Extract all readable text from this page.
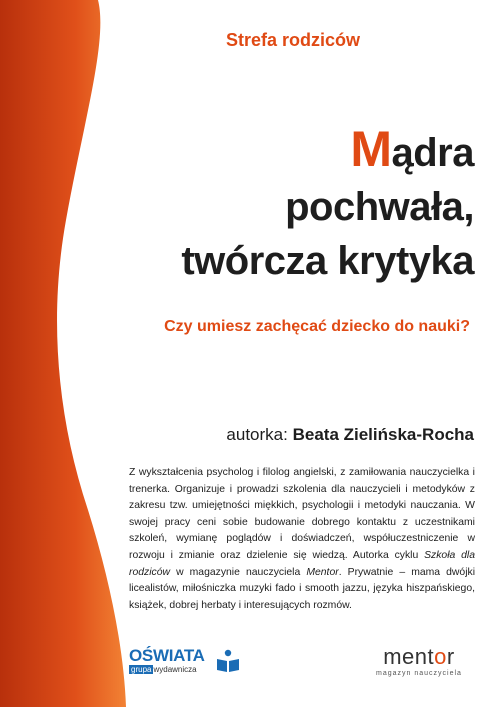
Strefa rodziców
Mądra
pochwała,
twórcza krytyka
Czy umiesz zachęcać dziecko do nauki?
autorka: Beata Zielińska-Rocha

Z wykształcenia psycholog i filolog angielski, z zamiłowania nauczycielka i trenerka. Organizuje i prowadzi szkolenia dla nauczycieli i metodyków z zakresu tzw. umiejętności miękkich, psychologii i metodyki nauczania. W swojej pracy ceni sobie budowanie dobrego kontaktu z uczestnikami szkoleń, wymianę poglądów i doświadczeń, współuczestniczenie w rozwoju i zmianie oraz dzielenie się wiedzą. Autorka cyklu Szkoła dla rodziców w magazynie nauczyciela Mentor. Prywatnie – mama dwójki licealistów, miłośniczka muzyki fado i smooth jazzu, języka hiszpańskiego, książek, dobrej herbaty i interesujących rozmów.

OŚWIATA
grupa wydawnicza
mentor
magazyn nauczyciela
